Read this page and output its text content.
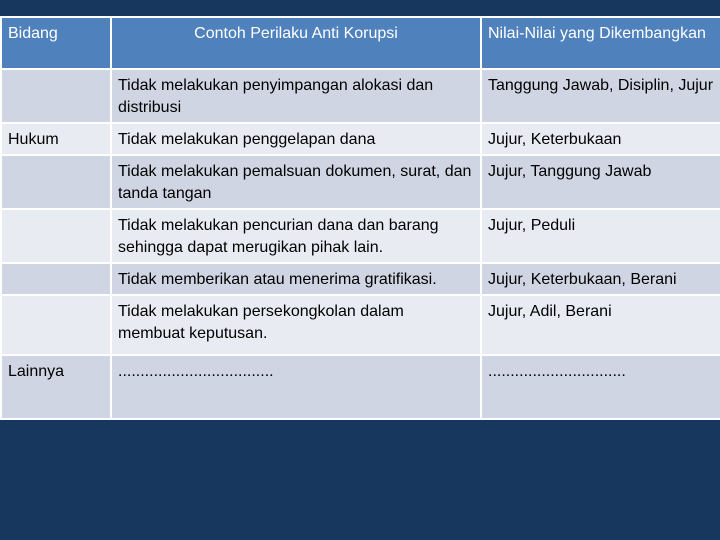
Bidang	Contoh Perilaku Anti Korupsi	Nilai-Nilai yang Dikembangkan
	Tidak melakukan penyimpangan alokasi dan distribusi	Tanggung Jawab, Disiplin, Jujur
Hukum	Tidak melakukan penggelapan dana	Jujur, Keterbukaan
	Tidak melakukan pemalsuan dokumen, surat, dan tanda tangan	Jujur, Tanggung Jawab
	Tidak melakukan pencurian dana dan barang sehingga dapat merugikan pihak lain.	Jujur, Peduli
	Tidak memberikan atau menerima gratifikasi.	Jujur, Keterbukaan, Berani
	Tidak melakukan persekongkolan dalam membuat keputusan.	Jujur, Adil, Berani
Lainnya	...................................	...............................
